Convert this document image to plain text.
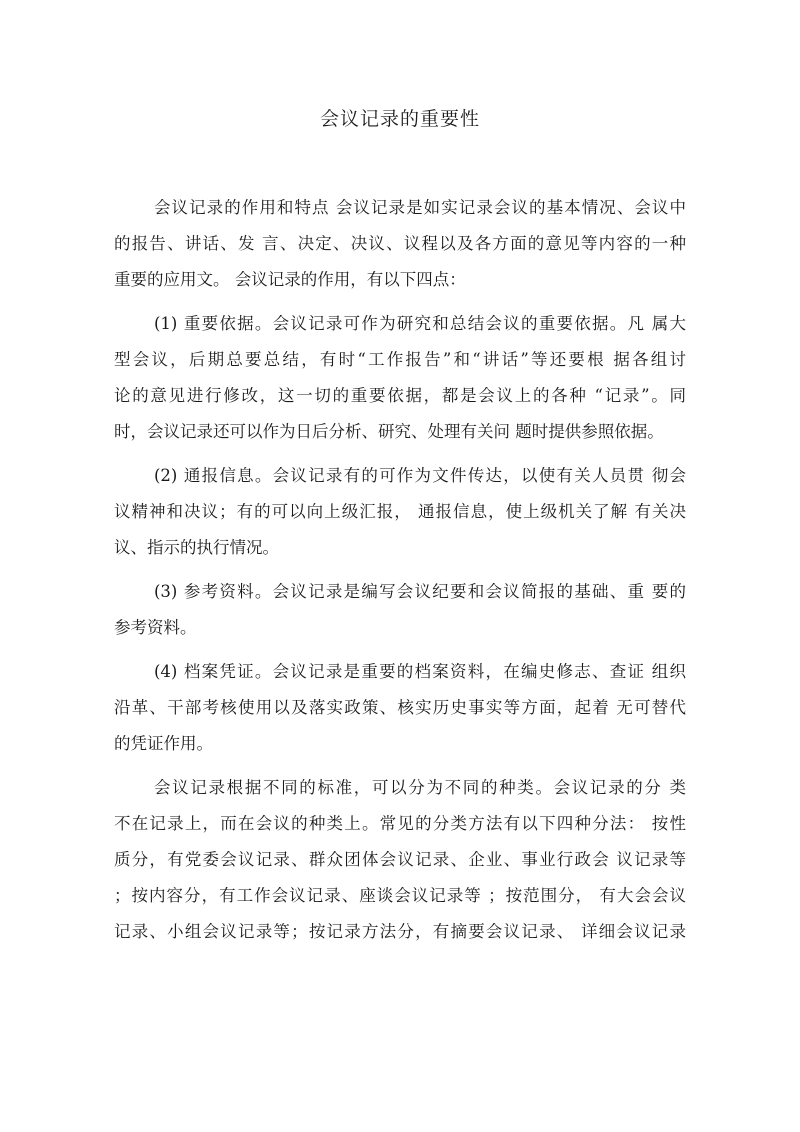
会议记录的重要性
会议记录的作用和特点 会议记录是如实记录会议的基本情况、会议中
的报告、讲话、发 言、决定、决议、议程以及各方面的意见等内容的一种
重要的应用文。 会议记录的作用，有以下四点：
(1) 重要依据。会议记录可作为研究和总结会议的重要依据。凡 属大
型会议，后期总要总结，有时“工作报告”和“讲话”等还要根 据各组讨
论的意见进行修改，这一切的重要依据，都是会议上的各种 “记录”。同
时，会议记录还可以作为日后分析、研究、处理有关问 题时提供参照依据。
(2) 通报信息。会议记录有的可作为文件传达，以使有关人员贯 彻会
议精神和决议；有的可以向上级汇报， 通报信息，使上级机关了解 有关决
议、指示的执行情况。
(3) 参考资料。会议记录是编写会议纪要和会议简报的基础、重 要的
参考资料。
(4) 档案凭证。会议记录是重要的档案资料，在编史修志、查证 组织
沿革、干部考核使用以及落实政策、核实历史事实等方面，起着 无可替代
的凭证作用。
会议记录根据不同的标准，可以分为不同的种类。会议记录的分 类
不在记录上，而在会议的种类上。常见的分类方法有以下四种分法： 按性
质分，有党委会议记录、群众团体会议记录、企业、事业行政会 议记录等
；按内容分，有工作会议记录、座谈会议记录等 ；按范围分， 有大会会议
记录、小组会议记录等；按记录方法分，有摘要会议记录、 详细会议记录
